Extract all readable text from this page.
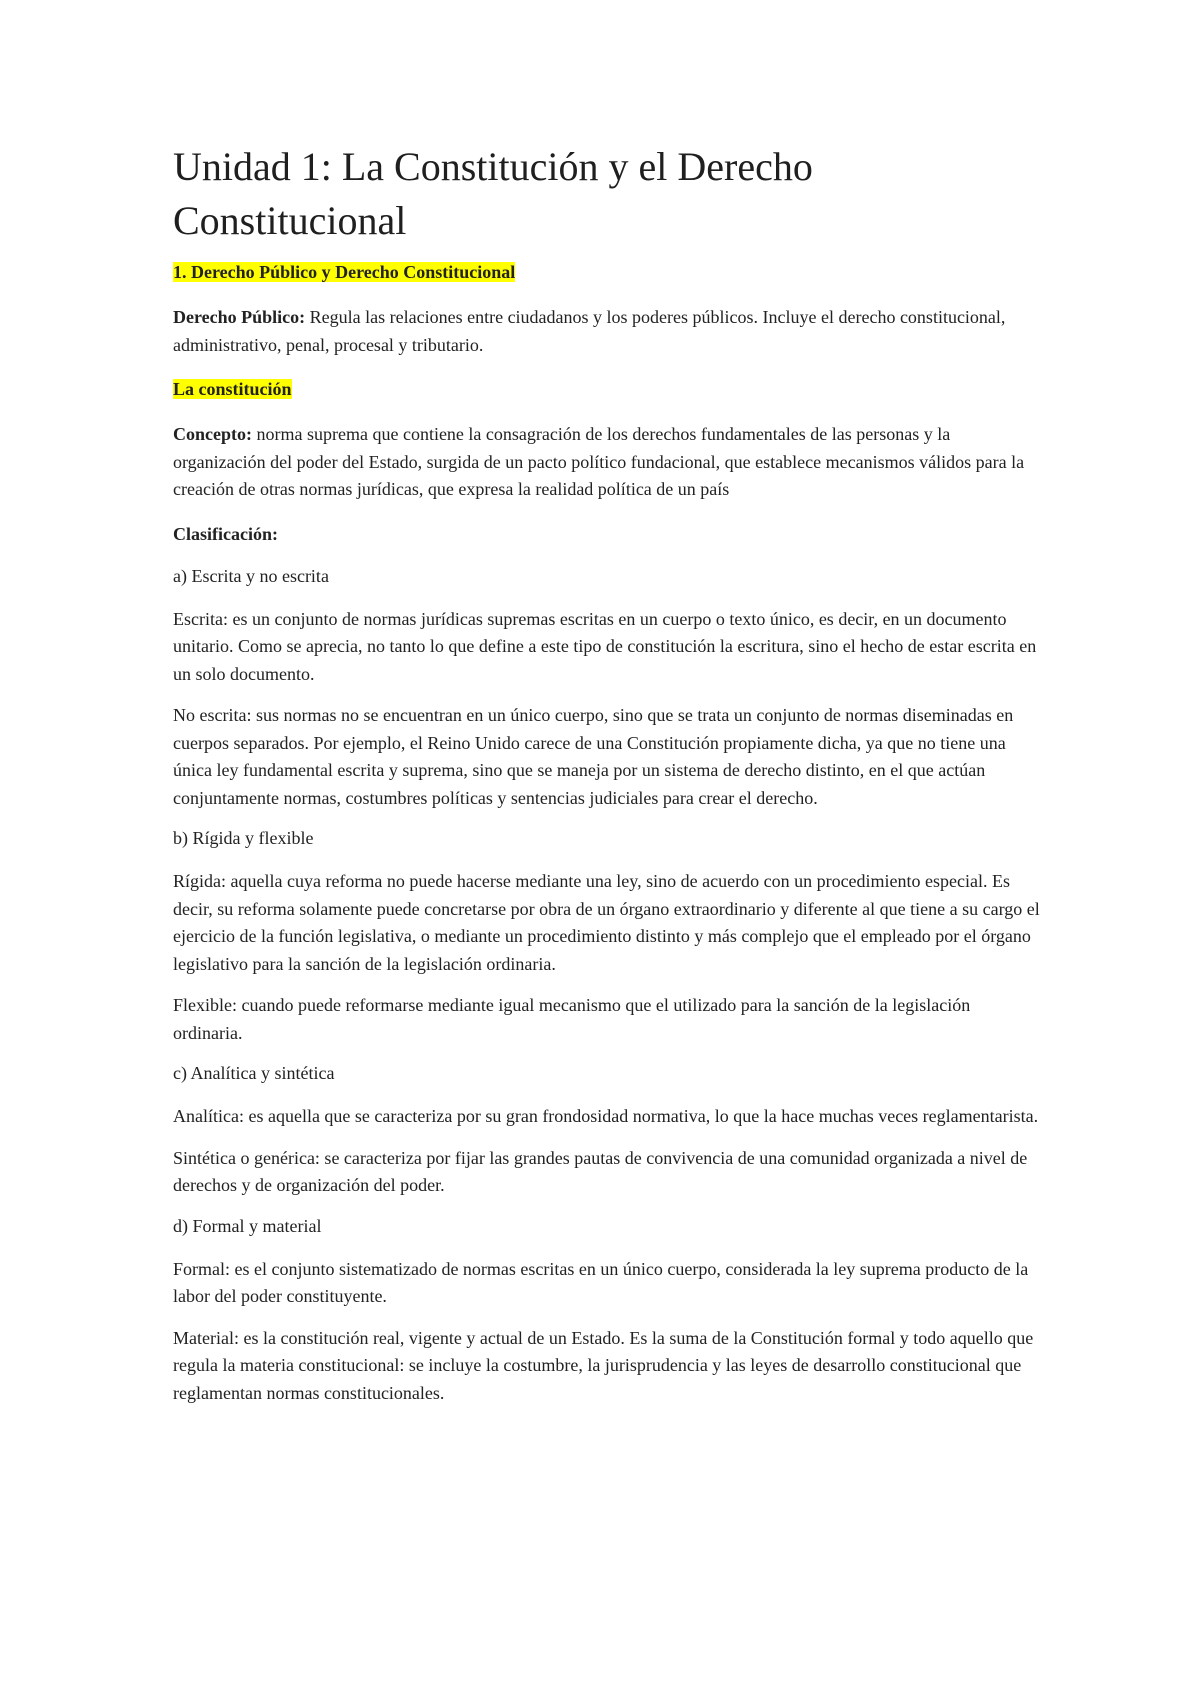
Unidad 1: La Constitución y el Derecho Constitucional
1. Derecho Público y Derecho Constitucional

Derecho Público: Regula las relaciones entre ciudadanos y los poderes públicos. Incluye el derecho constitucional, administrativo, penal, procesal y tributario.

La constitución

Concepto: norma suprema que contiene la consagración de los derechos fundamentales de las personas y la organización del poder del Estado, surgida de un pacto político fundacional, que establece mecanismos válidos para la creación de otras normas jurídicas, que expresa la realidad política de un país

Clasificación:
a) Escrita y no escrita

Escrita: es un conjunto de normas jurídicas supremas escritas en un cuerpo o texto único, es decir, en un documento unitario. Como se aprecia, no tanto lo que define a este tipo de constitución la escritura, sino el hecho de estar escrita en un solo documento.

No escrita: sus normas no se encuentran en un único cuerpo, sino que se trata un conjunto de normas diseminadas en cuerpos separados. Por ejemplo, el Reino Unido carece de una Constitución propiamente dicha, ya que no tiene una única ley fundamental escrita y suprema, sino que se maneja por un sistema de derecho distinto, en el que actúan conjuntamente normas, costumbres políticas y sentencias judiciales para crear el derecho.

b) Rígida y flexible

Rígida: aquella cuya reforma no puede hacerse mediante una ley, sino de acuerdo con un procedimiento especial. Es decir, su reforma solamente puede concretarse por obra de un órgano extraordinario y diferente al que tiene a su cargo el ejercicio de la función legislativa, o mediante un procedimiento distinto y más complejo que el empleado por el órgano legislativo para la sanción de la legislación ordinaria.

Flexible: cuando puede reformarse mediante igual mecanismo que el utilizado para la sanción de la legislación ordinaria.

c) Analítica y sintética

Analítica: es aquella que se caracteriza por su gran frondosidad normativa, lo que la hace muchas veces reglamentarista.

Sintética o genérica: se caracteriza por fijar las grandes pautas de convivencia de una comunidad organizada a nivel de derechos y de organización del poder.

d) Formal y material

Formal: es el conjunto sistematizado de normas escritas en un único cuerpo, considerada la ley suprema producto de la labor del poder constituyente.

Material: es la constitución real, vigente y actual de un Estado. Es la suma de la Constitución formal y todo aquello que regula la materia constitucional: se incluye la costumbre, la jurisprudencia y las leyes de desarrollo constitucional que reglamentan normas constitucionales.
